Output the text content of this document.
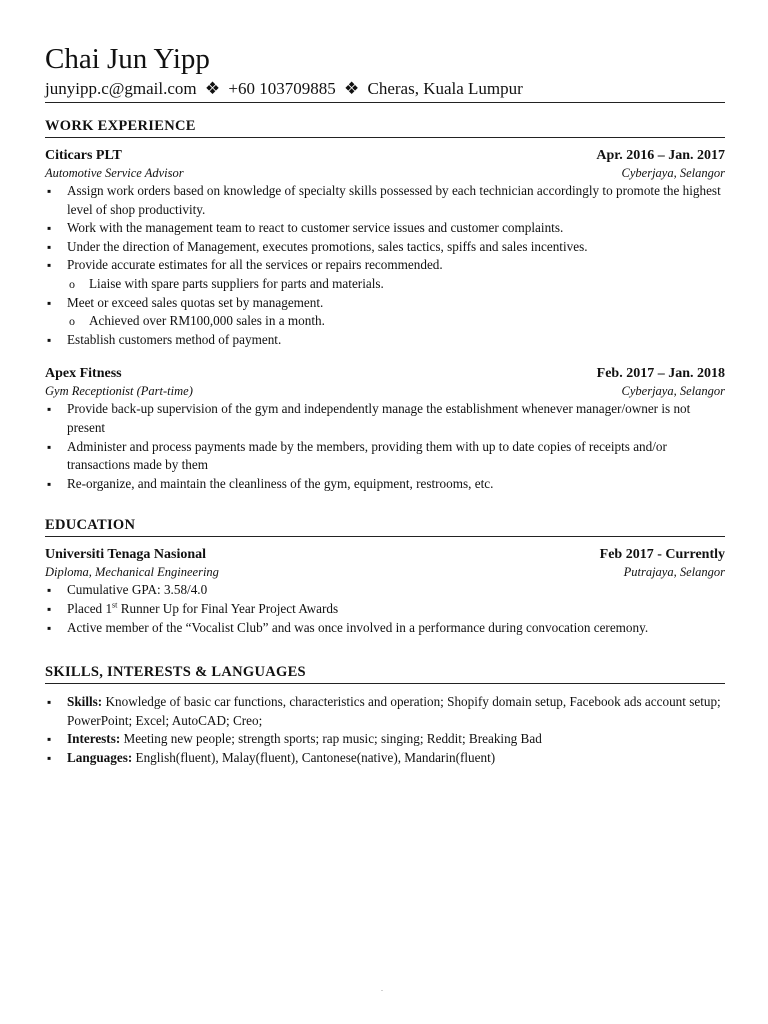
Chai Jun Yipp
junyipp.c@gmail.com ❖ +60 103709885 ❖ Cheras, Kuala Lumpur
WORK EXPERIENCE
Citicars PLT	Apr. 2016 – Jan. 2017
Automotive Service Advisor	Cyberjaya, Selangor
▪ Assign work orders based on knowledge of specialty skills possessed by each technician accordingly to promote the highest level of shop productivity.
▪ Work with the management team to react to customer service issues and customer complaints.
▪ Under the direction of Management, executes promotions, sales tactics, spiffs and sales incentives.
▪ Provide accurate estimates for all the services or repairs recommended.
o Liaise with spare parts suppliers for parts and materials.
▪ Meet or exceed sales quotas set by management.
o Achieved over RM100,000 sales in a month.
▪ Establish customers method of payment.
Apex Fitness	Feb. 2017 – Jan. 2018
Gym Receptionist (Part-time)	Cyberjaya, Selangor
▪ Provide back-up supervision of the gym and independently manage the establishment whenever manager/owner is not present
▪ Administer and process payments made by the members, providing them with up to date copies of receipts and/or transactions made by them
▪ Re-organize, and maintain the cleanliness of the gym, equipment, restrooms, etc.
EDUCATION
Universiti Tenaga Nasional	Feb 2017 - Currently
Diploma, Mechanical Engineering	Putrajaya, Selangor
▪ Cumulative GPA: 3.58/4.0
▪ Placed 1st Runner Up for Final Year Project Awards
▪ Active member of the “Vocalist Club” and was once involved in a performance during convocation ceremony.
SKILLS, INTERESTS & LANGUAGES
▪ Skills: Knowledge of basic car functions, characteristics and operation; Shopify domain setup, Facebook ads account setup; PowerPoint; Excel; AutoCAD; Creo;
▪ Interests: Meeting new people; strength sports; rap music; singing; Reddit; Breaking Bad
▪ Languages: English(fluent), Malay(fluent), Cantonese(native), Mandarin(fluent)
.
